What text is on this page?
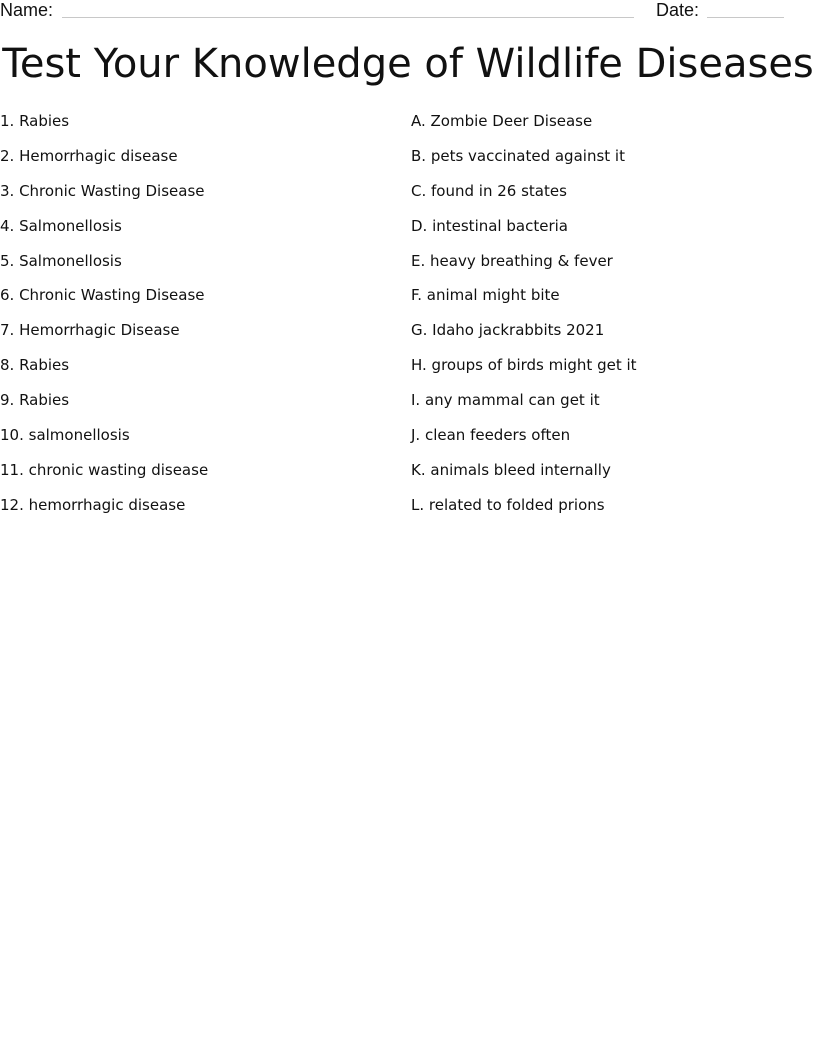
Name:	Date:
Test Your Knowledge of Wildlife Diseases
1. Rabies
2. Hemorrhagic disease
3. Chronic Wasting Disease
4. Salmonellosis
5. Salmonellosis
6. Chronic Wasting Disease
7. Hemorrhagic Disease
8. Rabies
9. Rabies
10. salmonellosis
11. chronic wasting disease
12. hemorrhagic disease
A. Zombie Deer Disease
B. pets vaccinated against it
C. found in 26 states
D. intestinal bacteria
E. heavy breathing & fever
F. animal might bite
G. Idaho jackrabbits 2021
H. groups of birds might get it
I. any mammal can get it
J. clean feeders often
K. animals bleed internally
L. related to folded prions
